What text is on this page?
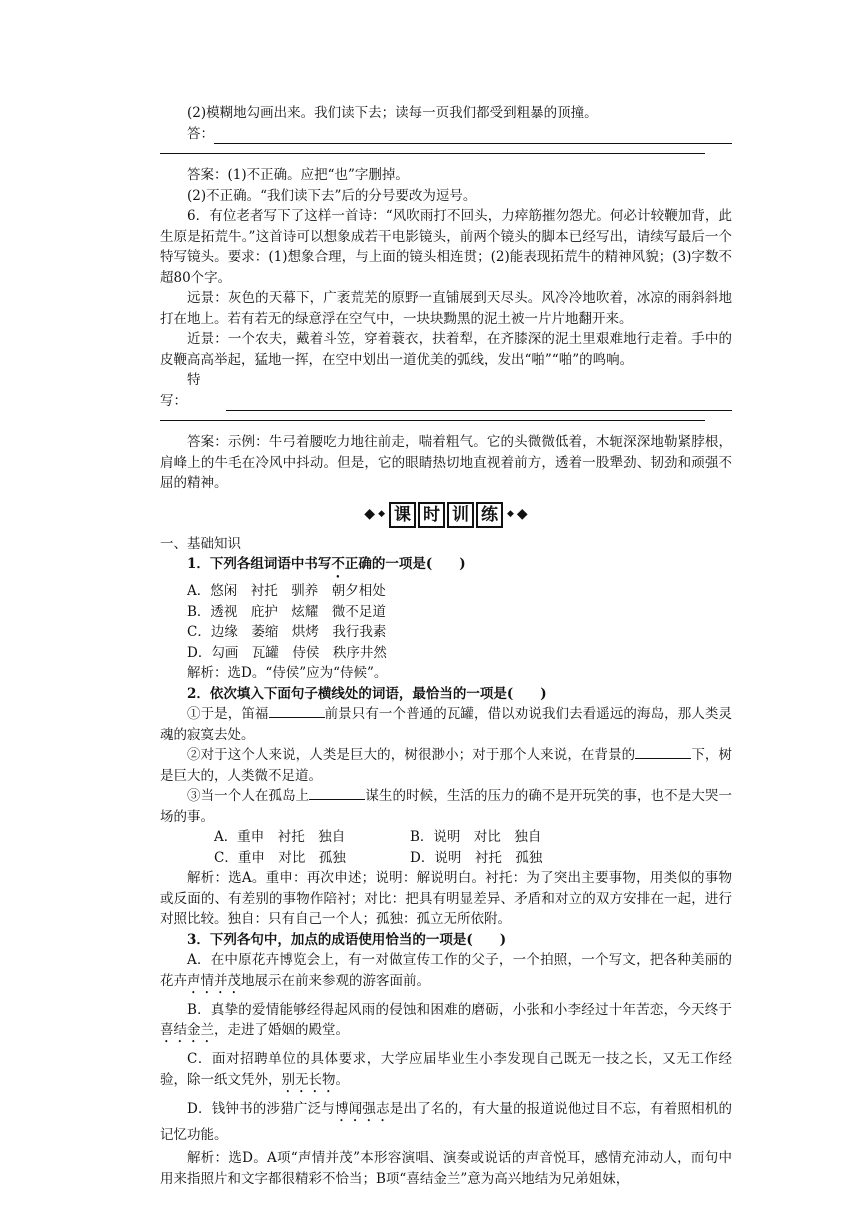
(2)模糊地勾画出来。我们读下去；读每一页我们都受到粗暴的顶撞。

答：

答案：(1)不正确。应把“也”字删掉。

(2)不正确。“我们读下去”后的分号要改为逗号。

6．有位老者写下了这样一首诗：“风吹雨打不回头，力瘁筋摧勿怨尤。何必计较鞭加背，此生原是拓荒牛。”这首诗可以想象成若干电影镜头，前两个镜头的脚本已经写出，请续写最后一个特写镜头。要求：(1)想象合理，与上面的镜头相连贯；(2)能表现拓荒牛的精神风貌；(3)字数不超80个字。

远景：灰色的天幕下，广袤荒芜的原野一直铺展到天尽头。风冷冷地吹着，冰凉的雨斜斜地打在地上。若有若无的绿意浮在空气中，一块块黝黑的泥土被一片片地翻开来。

近景：一个农夫，戴着斗笠，穿着蓑衣，扶着犁，在齐膝深的泥土里艰难地行走着。手中的皮鞭高高举起，猛地一挥，在空中划出一道优美的弧线，发出“啪”“啪”的鸣响。

特写：

答案：示例：牛弓着腰吃力地往前走，喘着粗气。它的头微微低着，木轭深深地勒紧脖根，肩峰上的牛毛在冷风中抖动。但是，它的眼睛热切地直视着前方，透着一股犟劲、韧劲和顽强不屈的精神。

◆ ◆ 课 时 训 练	◆ ◆

一、基础知识

1．下列各组词语中书写不正确的一项是(　　)

A．悠闲　衬托　驯养　朝夕相处

B．透视　庇护　炫耀　微不足道

C．边缘　萎缩　烘烤　我行我素

D．勾画　瓦罐　侍侯　秩序井然

解析：选D。“侍侯”应为“侍候”。

2．依次填入下面句子横线处的词语，最恰当的一项是(　　)

①于是，笛福	前景只有一个普通的瓦罐，借以劝说我们去看遥远的海岛，那人类灵魂的寂寞去处。

②对于这个人来说，人类是巨大的，树很渺小；对于那个人来说，在背景的	下，树是巨大的，人类微不足道。

③当一个人在孤岛上	谋生的时候，生活的压力的确不是开玩笑的事，也不是大哭一场的事。

A．重申　衬托　独自	B．说明　对比　独自
C．重申　对比　孤独	D．说明　衬托　孤独

解析：选A。重申：再次申述；说明：解说明白。衬托：为了突出主要事物，用类似的事物或反面的、有差别的事物作陪衬；对比：把具有明显差异、矛盾和对立的双方安排在一起，进行对照比较。独自：只有自己一个人；孤独：孤立无所依附。

3．下列各句中，加点的成语使用恰当的一项是(　　)

A．在中原花卉博览会上，有一对做宣传工作的父子，一个拍照，一个写文，把各种美丽的花卉声情并茂地展示在前来参观的游客面前。

B．真挚的爱情能够经得起风雨的侵蚀和困难的磨砺，小张和小李经过十年苦恋，今天终于喜结金兰，走进了婚姻的殿堂。

C．面对招聘单位的具体要求，大学应届毕业生小李发现自己既无一技之长，又无工作经验，除一纸文凭外，别无长物。

D．钱钟书的涉猎广泛与博闻强志是出了名的，有大量的报道说他过目不忘，有着照相机的记忆功能。

解析：选D。A项“声情并茂”本形容演唱、演奏或说话的声音悦耳，感情充沛动人，而句中用来指照片和文字都很精彩不恰当；B项“喜结金兰”意为高兴地结为兄弟姐妹，
